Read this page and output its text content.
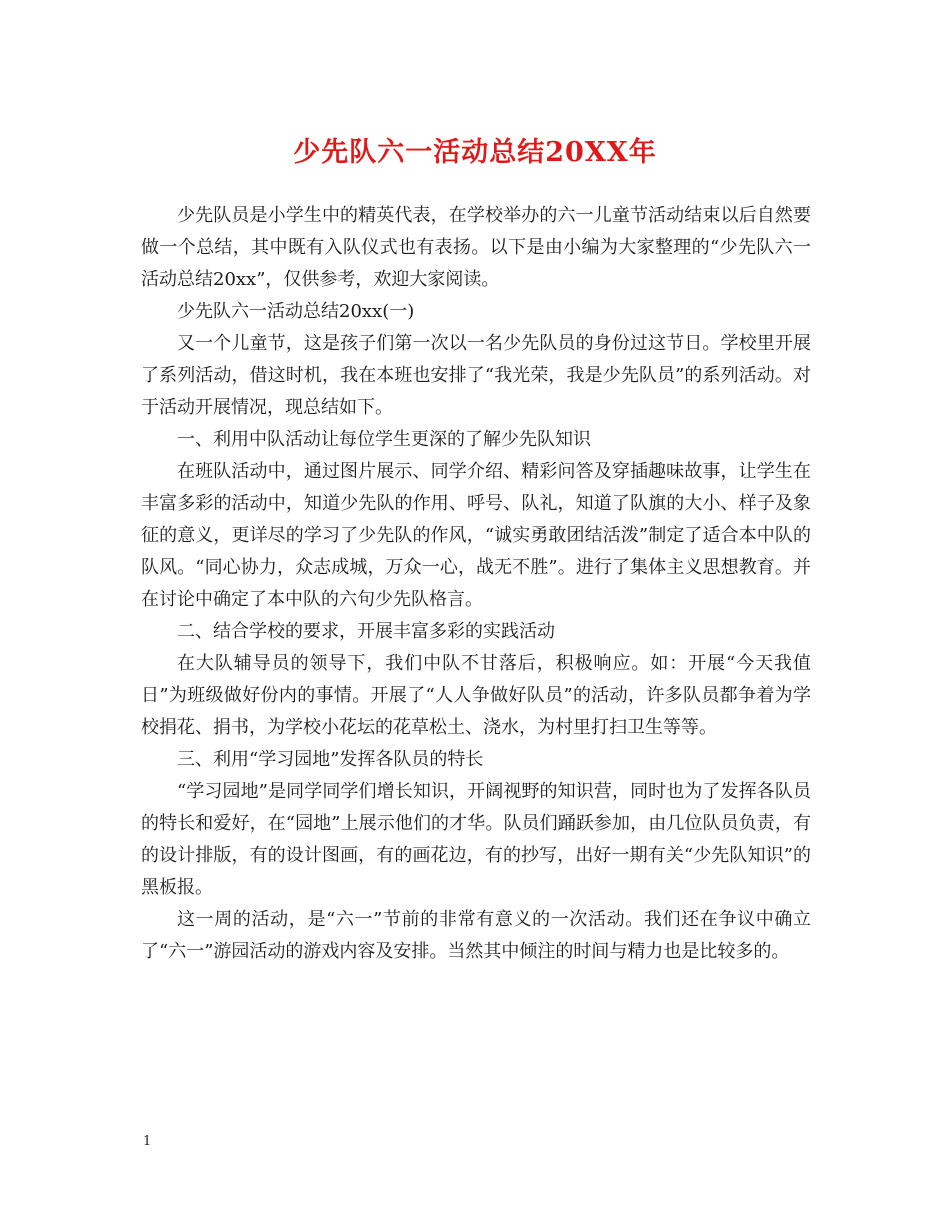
少先队六一活动总结20XX年

少先队员是小学生中的精英代表，在学校举办的六一儿童节活动结束以后自然要做一个总结，其中既有入队仪式也有表扬。以下是由小编为大家整理的“少先队六一活动总结20xx”，仅供参考，欢迎大家阅读。

少先队六一活动总结20xx(一)

又一个儿童节，这是孩子们第一次以一名少先队员的身份过这节日。学校里开展了系列活动，借这时机，我在本班也安排了“我光荣，我是少先队员”的系列活动。对于活动开展情况，现总结如下。

一、利用中队活动让每位学生更深的了解少先队知识

在班队活动中，通过图片展示、同学介绍、精彩问答及穿插趣味故事，让学生在丰富多彩的活动中，知道少先队的作用、呼号、队礼，知道了队旗的大小、样子及象征的意义，更详尽的学习了少先队的作风，“诚实勇敢团结活泼”制定了适合本中队的队风。“同心协力，众志成城，万众一心，战无不胜”。进行了集体主义思想教育。并在讨论中确定了本中队的六句少先队格言。

二、结合学校的要求，开展丰富多彩的实践活动

在大队辅导员的领导下，我们中队不甘落后，积极响应。如：开展“今天我值日”为班级做好份内的事情。开展了“人人争做好队员”的活动，许多队员都争着为学校捐花、捐书，为学校小花坛的花草松土、浇水，为村里打扫卫生等等。

三、利用“学习园地”发挥各队员的特长

“学习园地”是同学同学们增长知识，开阔视野的知识营，同时也为了发挥各队员的特长和爱好，在“园地”上展示他们的才华。队员们踊跃参加，由几位队员负责，有的设计排版，有的设计图画，有的画花边，有的抄写，出好一期有关“少先队知识”的黑板报。

这一周的活动，是“六一”节前的非常有意义的一次活动。我们还在争议中确立了“六一”游园活动的游戏内容及安排。当然其中倾注的时间与精力也是比较多的。

1
